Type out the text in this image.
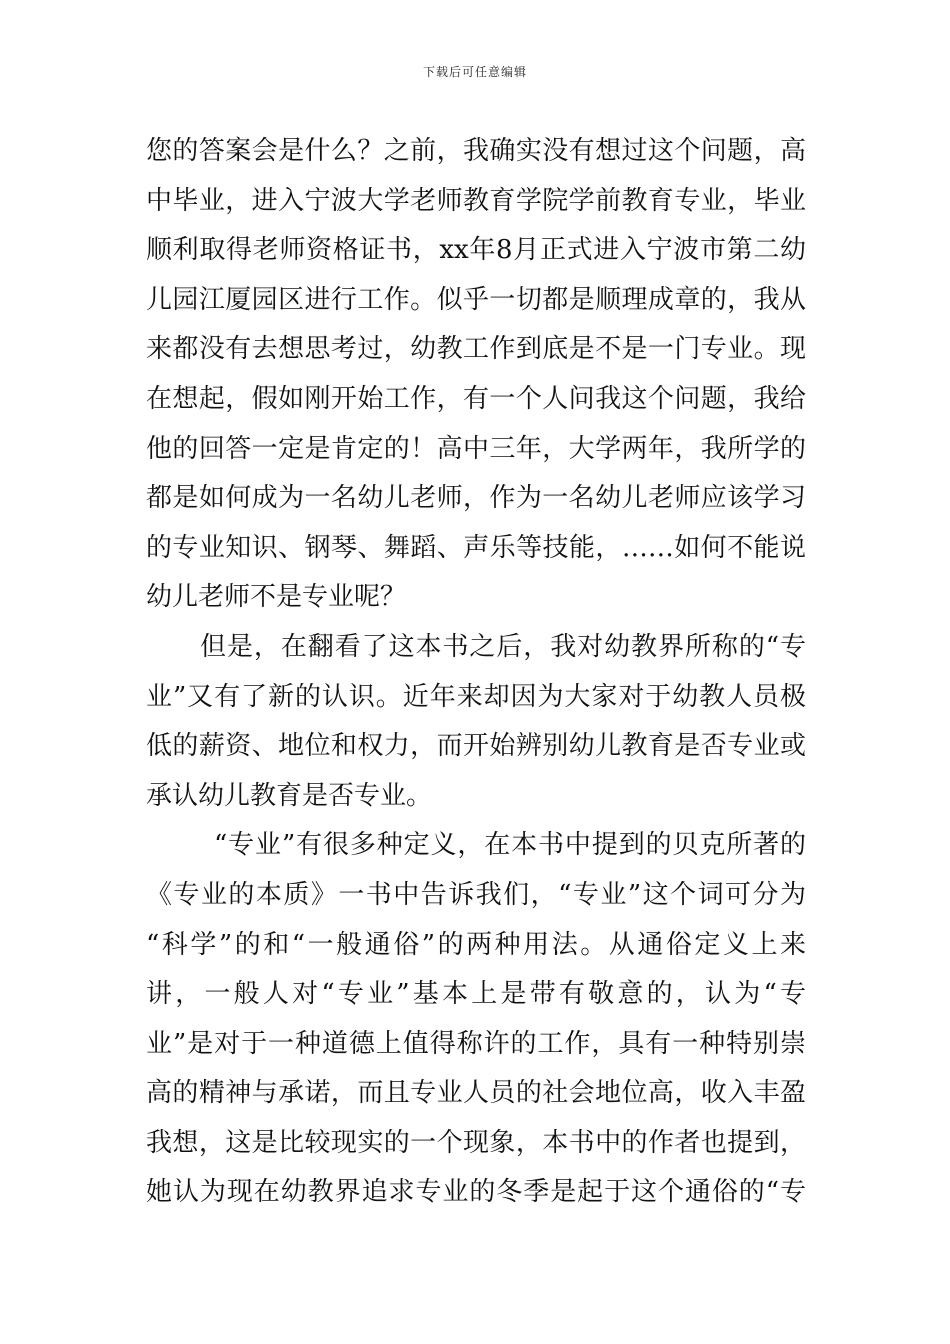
下载后可任意编辑
您的答案会是什么？之前，我确实没有想过这个问题，高
中毕业，进入宁波大学老师教育学院学前教育专业，毕业
顺利取得老师资格证书，xx年8月正式进入宁波市第二幼
儿园江厦园区进行工作。似乎一切都是顺理成章的，我从
来都没有去想思考过，幼教工作到底是不是一门专业。现
在想起，假如刚开始工作，有一个人问我这个问题，我给
他的回答一定是肯定的！高中三年，大学两年，我所学的
都是如何成为一名幼儿老师，作为一名幼儿老师应该学习
的专业知识、钢琴、舞蹈、声乐等技能，……如何不能说
幼儿老师不是专业呢？
但是，在翻看了这本书之后，我对幼教界所称的“专
业”又有了新的认识。近年来却因为大家对于幼教人员极
低的薪资、地位和权力，而开始辨别幼儿教育是否专业或
承认幼儿教育是否专业。
“专业”有很多种定义，在本书中提到的贝克所著的
《专业的本质》一书中告诉我们，“专业”这个词可分为
“科学”的和“一般通俗”的两种用法。从通俗定义上来
讲，一般人对“专业”基本上是带有敬意的，认为“专
业”是对于一种道德上值得称许的工作，具有一种特别崇
高的精神与承诺，而且专业人员的社会地位高，收入丰盈
我想，这是比较现实的一个现象，本书中的作者也提到，
她认为现在幼教界追求专业的冬季是起于这个通俗的“专
